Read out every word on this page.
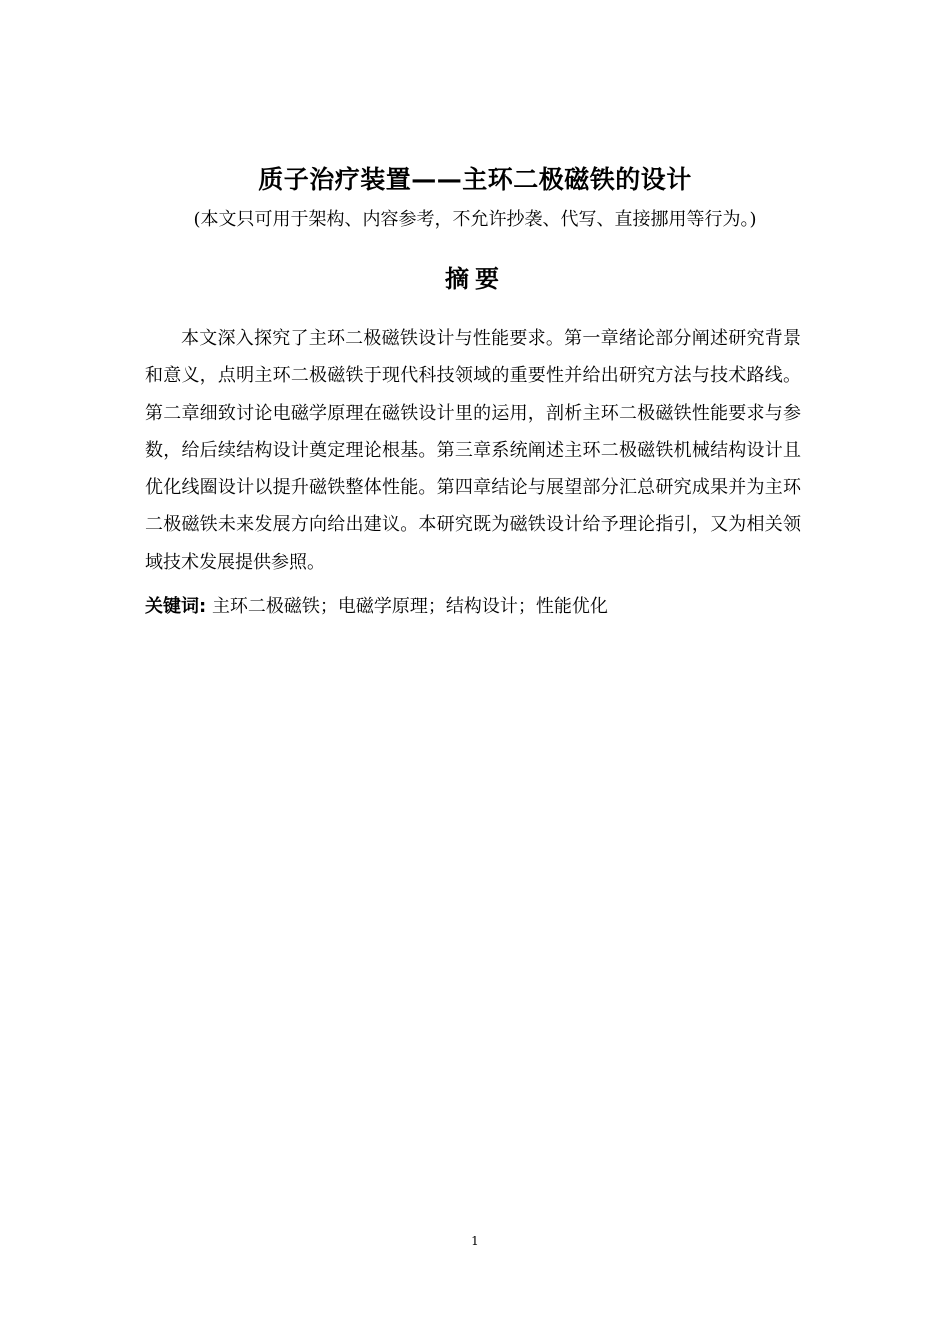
质子治疗装置——主环二极磁铁的设计
(本文只可用于架构、内容参考，不允许抄袭、代写、直接挪用等行为。)
摘要

本文深入探究了主环二极磁铁设计与性能要求。第一章绪论部分阐述研究背景和意义，点明主环二极磁铁于现代科技领域的重要性并给出研究方法与技术路线。第二章细致讨论电磁学原理在磁铁设计里的运用，剖析主环二极磁铁性能要求与参数，给后续结构设计奠定理论根基。第三章系统阐述主环二极磁铁机械结构设计且优化线圈设计以提升磁铁整体性能。第四章结论与展望部分汇总研究成果并为主环二极磁铁未来发展方向给出建议。本研究既为磁铁设计给予理论指引，又为相关领域技术发展提供参照。

关键词: 主环二极磁铁；电磁学原理；结构设计；性能优化
1
